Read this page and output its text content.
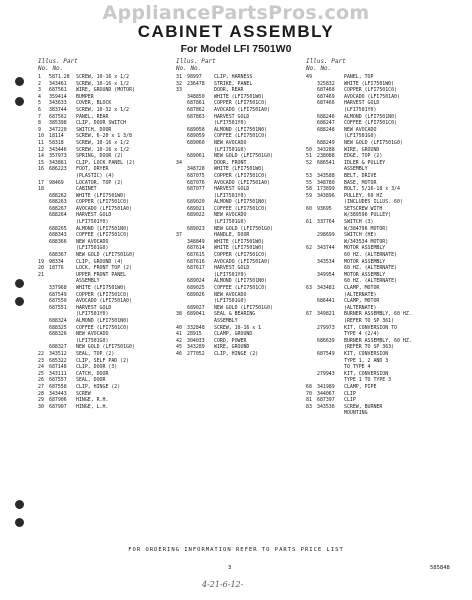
AppliancePartsPros.com
CABINET ASSEMBLY
For Model LFI 7501W0
Illus. Part
No. No.
1	5871.28	SCREW, 10-16 x 1/2
2	343461	SCREW, 10-16 x 1/2
3	687561	WIRE, GROUND (MOTOR)
4	359414	BUMPER
5	343633	COVER, BLOCK
6	383744	SCREW, 10-32 x 1/2
7	687562	PANEL, REAR
8	385398	CLIP, DOOR SWITCH
9	347220	SWITCH, DOOR
10	18114	SCREW, 6-20 x 1 3/8
11	58318	SCREW, 10-16 x 1/2
12	343446	SCREW, 10-16 x 1/2
14	357973	SPRING, DOOR (2)
15	343861	CLIP, LOCK PANEL (2)
16	686223	FOOT, DRYER
(PLASTIC) (4)
17	98469	LOCATOR, TOP (2)
18	CABINET
688262	WHITE (LFI7501W0)
688263	COPPER (LFI7501C0)
688267	AVOCADO (LFI7501A0)
688264	HARVEST GOLD
(LFI7501Y0)
688265	ALMOND (LFI7501N0)
688343	COFFEE (LFI7501C0)
688366	NEW AVOCADO
(LFI7501G0)
688367	NEW GOLD (LFI7501G0)
19	98334	CLIP, GROUND (4)
20	18776	LOCK, FRONT TOP (2)
21	UPPER FRONT PANEL
ASSEMBLY
337968	WHITE (LFI7501W0)
687549	COPPER (LFI7501C0)
687550	AVOCADO (LFI7501A0)
687551	HARVEST GOLD
(LFI7501Y0)
688324	ALMOND (LFI7501N0)
688325	COFFEE (LFI7501C0)
688326	NEW AVOCADO
(LFI7501G0)
688327	NEW GOLD (LFI7501G0)
22	343512	SEAL, TOP (2)
23	685322	CLIP, SELF PAD (2)
24	687148	CLIP, DOOR (3)
25	343111	CATCH, DOOR
26	687557	SEAL, DOOR
27	687558	CLIP, HINGE (2)
28	343443	SCREW
29	687906	HINGE, R.H.
30	687907	HINGE, L.H.
Illus. Part
No. No.
31	98997	CLIP, HARNESS
32	236478	STRIKE, PANEL
33	DOOR, REAR
348850	WHITE (LFI7501W0)
687861	COPPER (LFI7501C0)
687862	AVOCADO (LFI7501A0)
687863	HARVEST GOLD
(LFI7501Y0)
689058	ALMOND (LFI7501N0)
689059	COFFEE (LFI7501C0)
689060	NEW AVOCADO
(LFI7501G0)
689061	NEW GOLD (LFI7501G0)
34	DOOR, FRONT
348728	WHITE (LFI7501W0)
687075	COPPER (LFI7501C0)
687076	AVOCADO (LFI7501A0)
687077	HARVEST GOLD
(LFI7501Y0)
689020	ALMOND (LFI7501N0)
689021	COFFEE (LFI7501C0)
689022	NEW AVOCADO
(LFI7501G0)
689023	NEW GOLD (LFI7501G0)
37	HANDLE, DOOR
348849	WHITE (LFI7501W0)
687614	WHITE (LFI7501W0)
687615	COPPER (LFI7501C0)
687616	AVOCADO (LFI7501A0)
687617	HARVEST GOLD
(LFI7501Y0)
689024	ALMOND (LFI7501N0)
689025	COFFEE (LFI7501C0)
689026	NEW AVOCADO
(LFI7501G0)
689027	NEW GOLD (LFI7501G0)
38	689041	SEAL & BEARING
ASSEMBLY
40	332848	SCREW, 10-16 x 1
41	28915	CLAMP, GROUND
42	304033	CORD, POWER
45	343289	WIRE, GROUND
46	277052	CLIP, HINGE (2)
Illus. Part
No. No.
49	PANEL, TOP
325832	WHITE (LFI7501W0)
687468	COPPER (LFI7501C0)
687469	AVOCADO (LFI7501A0)
687466	HARVEST GOLD
(LFI7501Y0)
688246	ALMOND (LFI7501N0)
688247	COFFEE (LFI7501C0)
688248	NEW AVOCADO
(LFI7501G0)
688249	NEW GOLD (LFI7501G0)
50	343288	WIRE, GROUND
51	238088	EDGE, TOP (2)
52	686541	IDLER & PULLEY
ASSEMBLY
53	343588	BELT, DRIVE
55	348780	BASE, MOTOR
58	173899	BOLT, 5/16-18 x 3/4
59	343896	PULLEY, 60 HZ
(INCLUDES ILLUS. 60)
60	93695	SETSCREW WITH
W/389596 PULLEY)
61	337764	SWITCH (3)
W/384796 MOTOR)
298699	SWITCH (HE)
W/343534 MOTOR)
62	343744	MOTOR ASSEMBLY
60 HZ. (ALTERNATE)
343534	MOTOR ASSEMBLY
60 HZ. (ALTERNATE)
349954	MOTOR ASSEMBLY
60 HZ. (ALTERNATE)
63	343481	CLAMP, MOTOR
(ALTERNATE)
686441	CLAMP, MOTOR
(ALTERNATE)
67	349821	BURNER ASSEMBLY, 60 HZ.
(REFER TO SP 361)
279973	KIT, CONVERSION TO
TYPE 4 (2/4)
686639	BURNER ASSEMBLY, 60 HZ.
(REFER TO SP 363)
687549	KIT, CONVERSION
TYPE 1, 2 AND 3
TO TYPE 4
279943	KIT, CONVERSION
TYPE 1 TO TYPE 3
68	341989	CLAMP, PIPE
70	344067	CLIP
81	687397	CLIP
83	343536	SCREW, BURNER
MOUNTING
FOR ORDERING INFORMATION REFER TO PARTS PRICE LIST
3	585848
4-21-6-12-
